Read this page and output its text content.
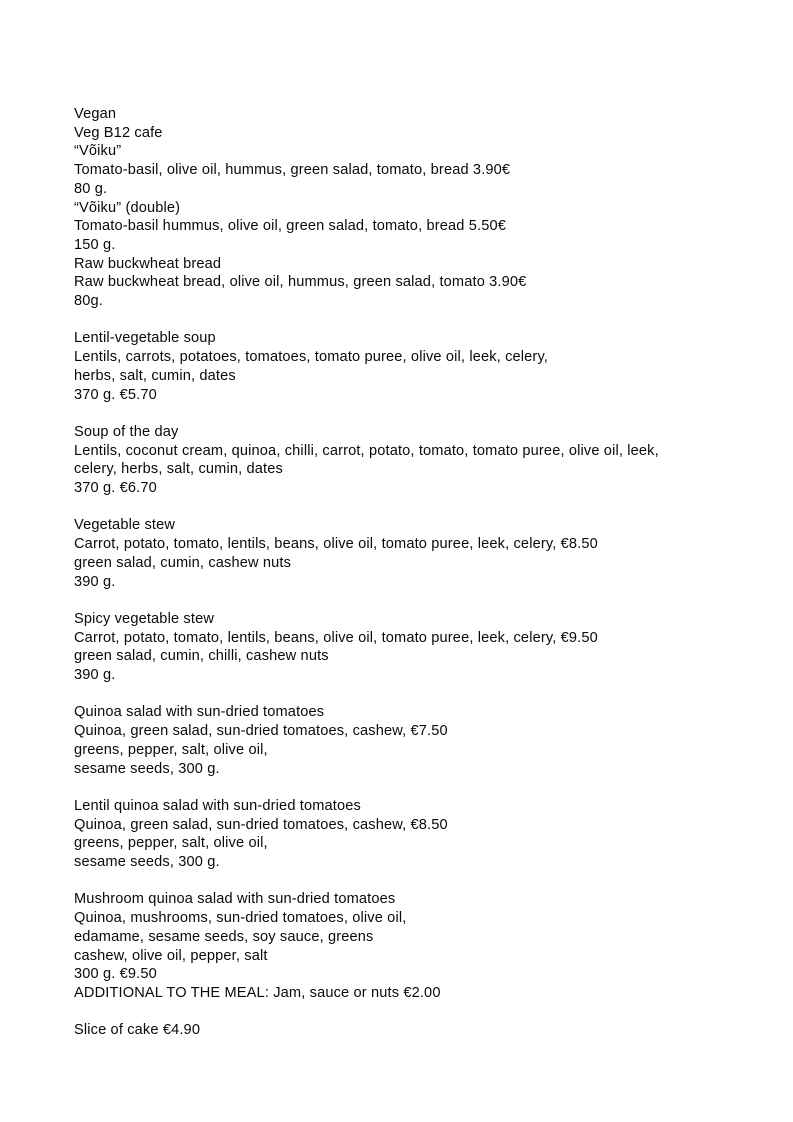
Vegan
Veg B12 cafe
“Võiku”
Tomato-basil, olive oil, hummus, green salad, tomato, bread 3.90€
80 g.
“Võiku” (double)
Tomato-basil hummus, olive oil, green salad, tomato, bread 5.50€
150 g.
Raw buckwheat bread
Raw buckwheat bread, olive oil, hummus, green salad, tomato 3.90€
80g.
Lentil-vegetable soup
Lentils, carrots, potatoes, tomatoes, tomato puree, olive oil, leek, celery,
herbs, salt, cumin, dates
370 g. €5.70
Soup of the day
Lentils, coconut cream, quinoa, chilli, carrot, potato, tomato, tomato puree, olive oil, leek,
celery, herbs, salt, cumin, dates
370 g. €6.70
Vegetable stew
Carrot, potato, tomato, lentils, beans, olive oil, tomato puree, leek, celery, €8.50
green salad, cumin, cashew nuts
390 g.
Spicy vegetable stew
Carrot, potato, tomato, lentils, beans, olive oil, tomato puree, leek, celery, €9.50
green salad, cumin, chilli, cashew nuts
390 g.
Quinoa salad with sun-dried tomatoes
Quinoa, green salad, sun-dried tomatoes, cashew, €7.50
greens, pepper, salt, olive oil,
sesame seeds, 300 g.
Lentil quinoa salad with sun-dried tomatoes
Quinoa, green salad, sun-dried tomatoes, cashew, €8.50
greens, pepper, salt, olive oil,
sesame seeds, 300 g.
Mushroom quinoa salad with sun-dried tomatoes
Quinoa, mushrooms, sun-dried tomatoes, olive oil,
edamame, sesame seeds, soy sauce, greens
cashew, olive oil, pepper, salt
300 g. €9.50
ADDITIONAL TO THE MEAL: Jam, sauce or nuts €2.00
Slice of cake €4.90
